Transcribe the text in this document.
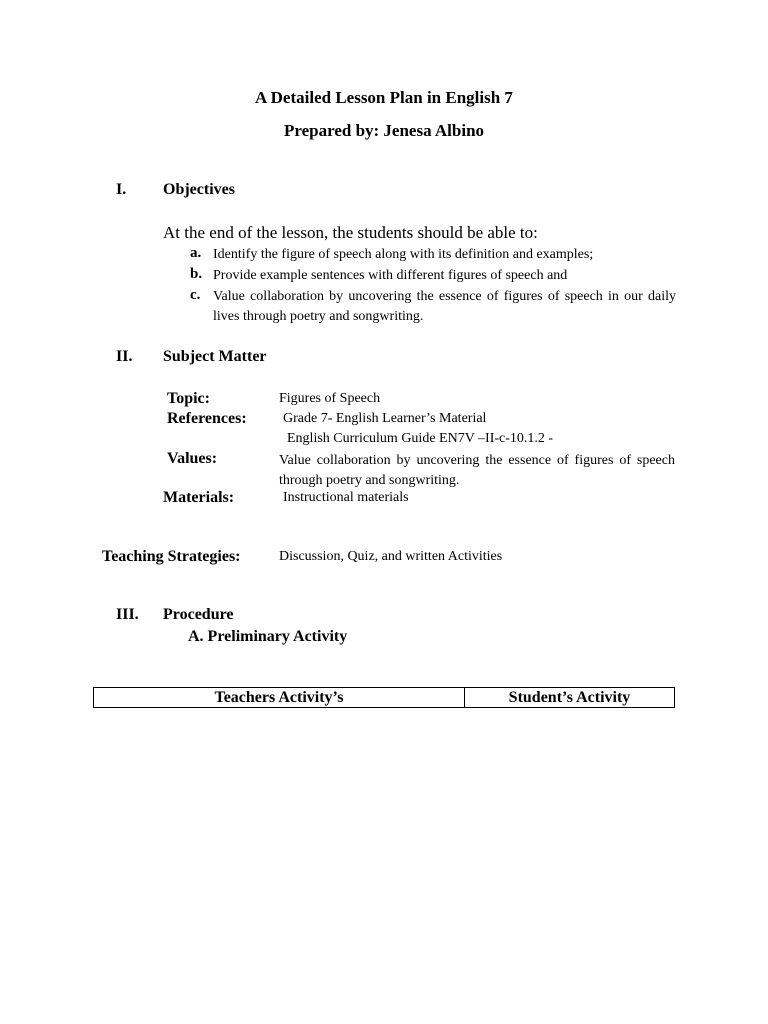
A Detailed Lesson Plan in English 7
Prepared by: Jenesa Albino
I. Objectives
At the end of the lesson, the students should be able to:
a. Identify the figure of speech along with its definition and examples;
b. Provide example sentences with different figures of speech and
c. Value collaboration by uncovering the essence of figures of speech in our daily lives through poetry and songwriting.
II. Subject Matter
Topic:	Figures of Speech
References:	Grade 7- English Learner’s Material
English Curriculum Guide EN7V –II-c-10.1.2 -
Values:	Value collaboration by uncovering the essence of figures of speech through poetry and songwriting.
Materials:	Instructional materials
Teaching Strategies:	Discussion, Quiz, and written Activities
III. Procedure
A. Preliminary Activity
Teachers Activity’s	Student’s Activity
